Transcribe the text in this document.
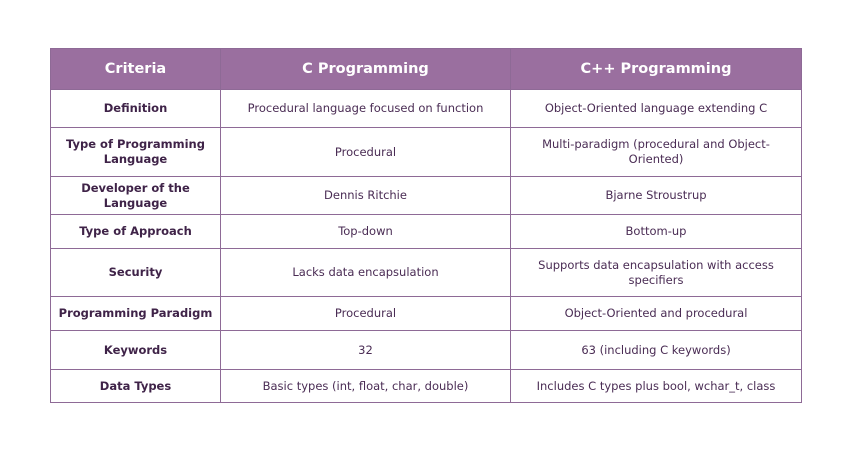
Criteria	C Programming	C++ Programming
Definition	Procedural language focused on function	Object-Oriented language extending C
Type of Programming Language	Procedural	Multi-paradigm (procedural and Object-Oriented)
Developer of the Language	Dennis Ritchie	Bjarne Stroustrup
Type of Approach	Top-down	Bottom-up
Security	Lacks data encapsulation	Supports data encapsulation with access specifiers
Programming Paradigm	Procedural	Object-Oriented and procedural
Keywords	32	63 (including C keywords)
Data Types	Basic types (int, float, char, double)	Includes C types plus bool, wchar_t, class
